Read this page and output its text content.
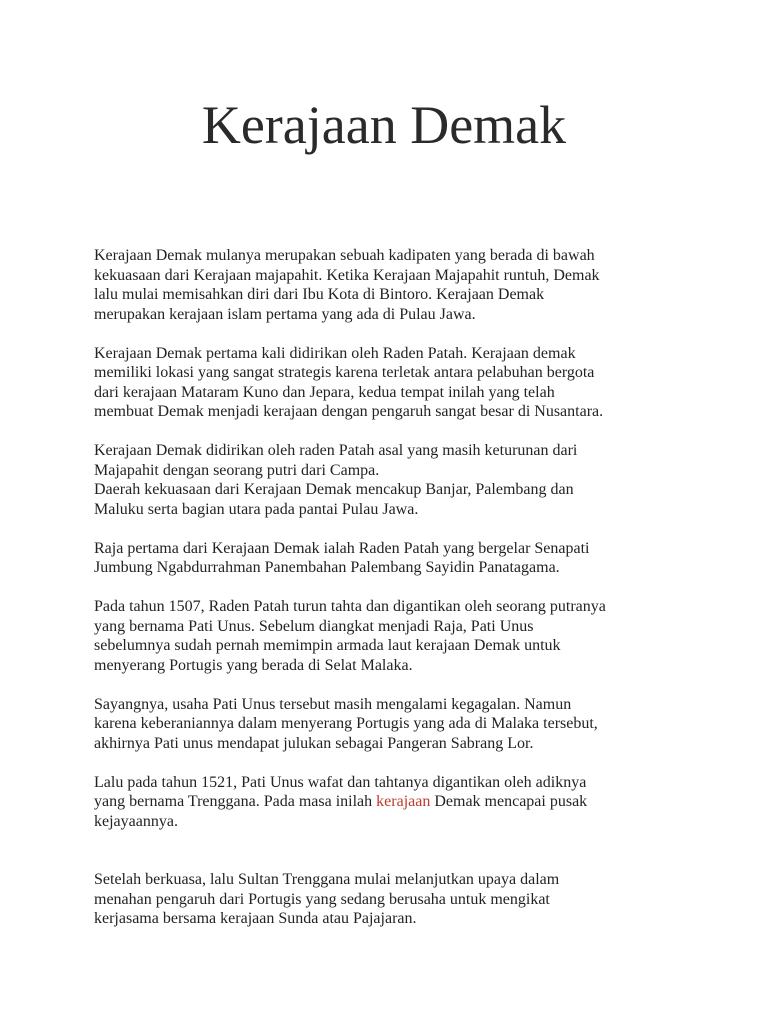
Kerajaan Demak

Kerajaan Demak mulanya merupakan sebuah kadipaten yang berada di bawah
kekuasaan dari Kerajaan majapahit. Ketika Kerajaan Majapahit runtuh, Demak
lalu mulai memisahkan diri dari Ibu Kota di Bintoro. Kerajaan Demak
merupakan kerajaan islam pertama yang ada di Pulau Jawa.

Kerajaan Demak pertama kali didirikan oleh Raden Patah. Kerajaan demak
memiliki lokasi yang sangat strategis karena terletak antara pelabuhan bergota
dari kerajaan Mataram Kuno dan Jepara, kedua tempat inilah yang telah
membuat Demak menjadi kerajaan dengan pengaruh sangat besar di Nusantara.

Kerajaan Demak didirikan oleh raden Patah asal yang masih keturunan dari
Majapahit dengan seorang putri dari Campa.
Daerah kekuasaan dari Kerajaan Demak mencakup Banjar, Palembang dan
Maluku serta bagian utara pada pantai Pulau Jawa.

Raja pertama dari Kerajaan Demak ialah Raden Patah yang bergelar Senapati
Jumbung Ngabdurrahman Panembahan Palembang Sayidin Panatagama.

Pada tahun 1507, Raden Patah turun tahta dan digantikan oleh seorang putranya
yang bernama Pati Unus. Sebelum diangkat menjadi Raja, Pati Unus
sebelumnya sudah pernah memimpin armada laut kerajaan Demak untuk
menyerang Portugis yang berada di Selat Malaka.

Sayangnya, usaha Pati Unus tersebut masih mengalami kegagalan. Namun
karena keberaniannya dalam menyerang Portugis yang ada di Malaka tersebut,
akhirnya Pati unus mendapat julukan sebagai Pangeran Sabrang Lor.

Lalu pada tahun 1521, Pati Unus wafat dan tahtanya digantikan oleh adiknya
yang bernama Trenggana. Pada masa inilah kerajaan Demak mencapai pusak
kejayaannya.

Setelah berkuasa, lalu Sultan Trenggana mulai melanjutkan upaya dalam
menahan pengaruh dari Portugis yang sedang berusaha untuk mengikat
kerjasama bersama kerajaan Sunda atau Pajajaran.
